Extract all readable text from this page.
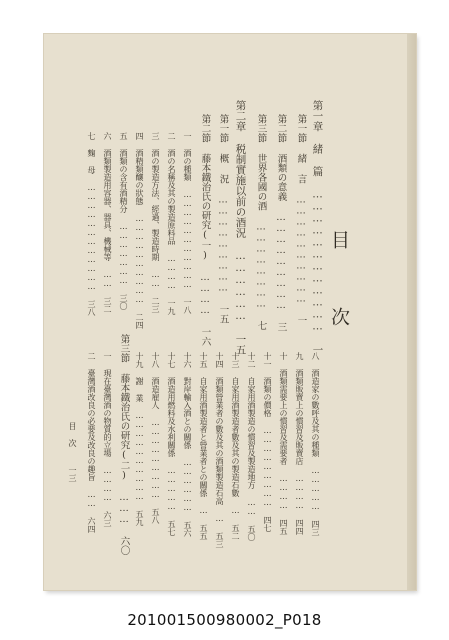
目 次
第一章 緒 篇 ……………………………… 一
第一節 緒 言 ………………………… 一
第二節 酒類の意義 ……………………… 三
第三節 世界各國の酒 …………………… 七
第二章 税制實施以前の酒況 ……………… 一五
第一節 概 況 ……………………… 一五
第二節 藤本鐵治氏の研究(一) ………… 一六
一 酒の種類 …………………………… 一八
二 酒の名稱及其の製造原料品 ………… 一九
三 酒の製造方法、經過、製造時期 …… 二三
四 酒精類釀の狀態 ………………………… 二四
五 酒類の含有酒精分 ………………… 三〇
六 酒類製造用容器、器具、機械等 …… 三二
七 麴 母 ……………………………… 三八
八 酒造家の數呼及其の種類 …………… 四三
九 酒類販賣上の慣習及販賣店 ………… 四四
十 酒類需要上の慣習及需要者 ………… 四五
十一 酒類の價格 ……………………… 四七
十二 自家用酒製造の慣習及製造地方 …… 五〇
十三 自家用酒製造者數及其の製造石數 … 五二
十四 酒類營業者の數及其の酒類製造石高 … 五三
十五 自家用酒製造者と營業者との關係 … 五五
十六 對岸輸入酒との關係 ……………… 五六
十七 酒造用燃料及水利關係 …………… 五七
十八 酒造雇人 ……………………… 五八
十九 謝 業 ………………………… 五九
第三節 藤本鐵治氏の研究(二) ……… 六〇
一 現在臺灣酒の物質的立場 ………… 六三
二 臺灣酒改良の必要及改良の趣旨 …… 六四
目 次
一三
201001500980002_P018
